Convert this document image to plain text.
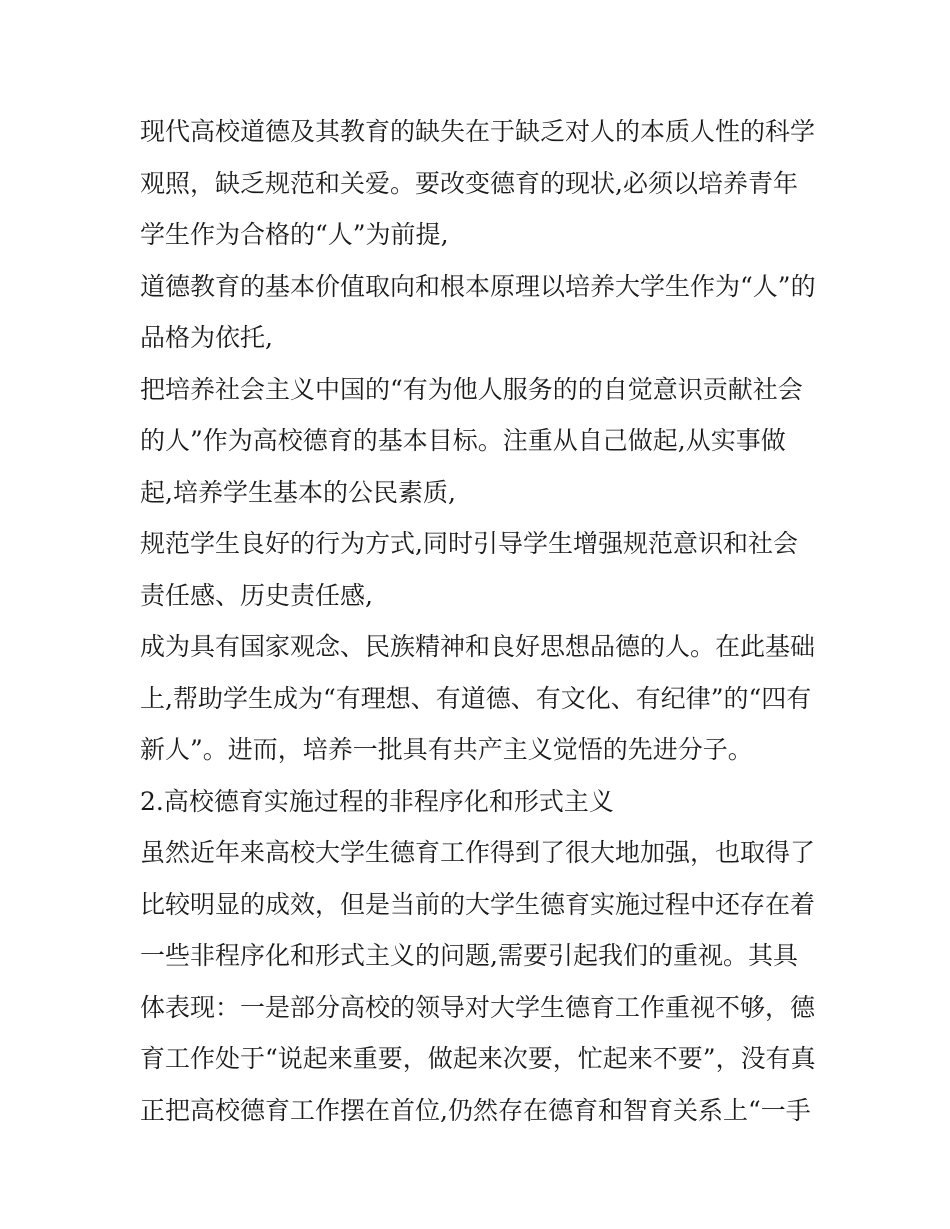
现代高校道德及其教育的缺失在于缺乏对人的本质人性的科学
观照，缺乏规范和关爱。要改变德育的现状,必须以培养青年
学生作为合格的“人”为前提,
道德教育的基本价值取向和根本原理以培养大学生作为“人”的
品格为依托,
把培养社会主义中国的“有为他人服务的的自觉意识贡献社会
的人”作为高校德育的基本目标。注重从自己做起,从实事做
起,培养学生基本的公民素质,
规范学生良好的行为方式,同时引导学生增强规范意识和社会
责任感、历史责任感,
成为具有国家观念、民族精神和良好思想品德的人。在此基础
上,帮助学生成为“有理想、有道德、有文化、有纪律”的“四有
新人”。进而，培养一批具有共产主义觉悟的先进分子。
2.高校德育实施过程的非程序化和形式主义
虽然近年来高校大学生德育工作得到了很大地加强，也取得了
比较明显的成效，但是当前的大学生德育实施过程中还存在着
一些非程序化和形式主义的问题,需要引起我们的重视。其具
体表现：一是部分高校的领导对大学生德育工作重视不够，德
育工作处于“说起来重要，做起来次要，忙起来不要”，没有真
正把高校德育工作摆在首位,仍然存在德育和智育关系上“一手
